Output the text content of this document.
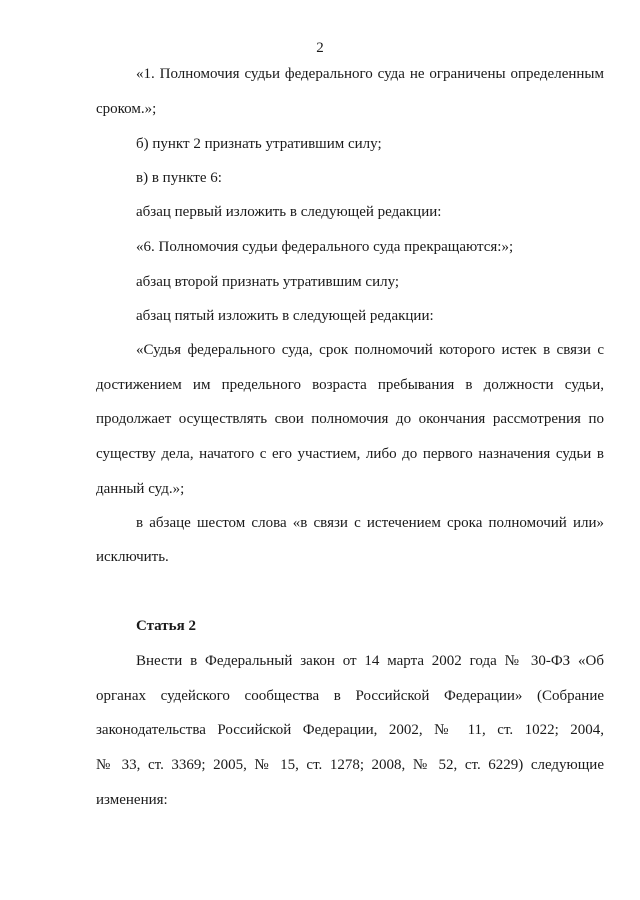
2
«1. Полномочия судьи федерального суда не ограничены определенным
сроком.»;
б) пункт 2 признать утратившим силу;
в) в пункте 6:
абзац первый изложить в следующей редакции:
«6. Полномочия судьи федерального суда прекращаются:»;
абзац второй признать утратившим силу;
абзац пятый изложить в следующей редакции:
«Судья федерального суда, срок полномочий которого истек в связи с
достижением им предельного возраста пребывания в должности судьи,
продолжает осуществлять свои полномочия до окончания рассмотрения по
существу дела, начатого с его участием, либо до первого назначения судьи в
данный суд.»;
в абзаце шестом слова «в связи с истечением срока полномочий или»
исключить.
Статья 2
Внести в Федеральный закон от 14 марта 2002 года № 30-ФЗ «Об
органах судейского сообщества в Российской Федерации» (Собрание
законодательства Российской Федерации, 2002, № 11, ст. 1022; 2004,
№ 33, ст. 3369; 2005, № 15, ст. 1278; 2008, № 52, ст. 6229) следующие
изменения:
